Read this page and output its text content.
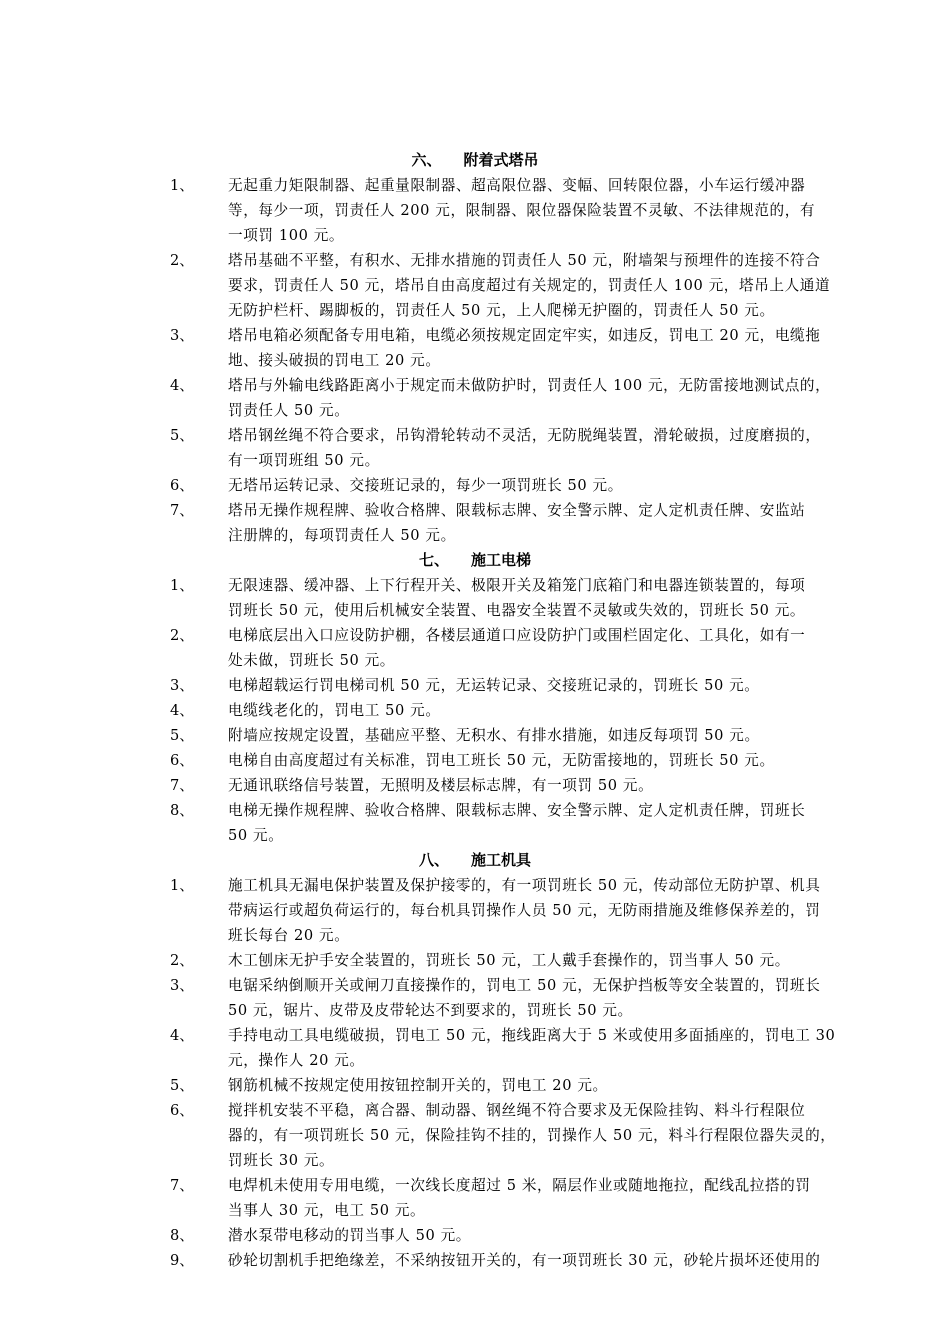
六、 附着式塔吊
1、 无起重力矩限制器、起重量限制器、超高限位器、变幅、回转限位器，小车运行缓冲器
等，每少一项，罚责任人 200 元，限制器、限位器保险装置不灵敏、不法律规范的，有
一项罚 100 元。
2、 塔吊基础不平整，有积水、无排水措施的罚责任人 50 元，附墙架与预埋件的连接不符合
要求，罚责任人 50 元，塔吊自由高度超过有关规定的，罚责任人 100 元，塔吊上人通道
无防护栏杆、踢脚板的，罚责任人 50 元，上人爬梯无护圈的，罚责任人 50 元。
3、 塔吊电箱必须配备专用电箱，电缆必须按规定固定牢实，如违反，罚电工 20 元，电缆拖
地、接头破损的罚电工 20 元。
4、 塔吊与外输电线路距离小于规定而未做防护时，罚责任人 100 元，无防雷接地测试点的，
罚责任人 50 元。
5、 塔吊钢丝绳不符合要求，吊钩滑轮转动不灵活，无防脱绳装置，滑轮破损，过度磨损的，
有一项罚班组 50 元。
6、 无塔吊运转记录、交接班记录的，每少一项罚班长 50 元。
7、 塔吊无操作规程牌、验收合格牌、限载标志牌、安全警示牌、定人定机责任牌、安监站
注册牌的，每项罚责任人 50 元。
七、 施工电梯
1、 无限速器、缓冲器、上下行程开关、极限开关及箱笼门底箱门和电器连锁装置的，每项
罚班长 50 元，使用后机械安全装置、电器安全装置不灵敏或失效的，罚班长 50 元。
2、 电梯底层出入口应设防护棚，各楼层通道口应设防护门或围栏固定化、工具化，如有一
处未做，罚班长 50 元。
3、 电梯超载运行罚电梯司机 50 元，无运转记录、交接班记录的，罚班长 50 元。
4、 电缆线老化的，罚电工 50 元。
5、 附墙应按规定设置，基础应平整、无积水、有排水措施，如违反每项罚 50 元。
6、 电梯自由高度超过有关标准，罚电工班长 50 元，无防雷接地的，罚班长 50 元。
7、 无通讯联络信号装置，无照明及楼层标志牌，有一项罚 50 元。
8、 电梯无操作规程牌、验收合格牌、限载标志牌、安全警示牌、定人定机责任牌，罚班长
50 元。
八、 施工机具
1、 施工机具无漏电保护装置及保护接零的，有一项罚班长 50 元，传动部位无防护罩、机具
带病运行或超负荷运行的，每台机具罚操作人员 50 元，无防雨措施及维修保养差的，罚
班长每台 20 元。
2、 木工刨床无护手安全装置的，罚班长 50 元，工人戴手套操作的，罚当事人 50 元。
3、 电锯采纳倒顺开关或闸刀直接操作的，罚电工 50 元，无保护挡板等安全装置的，罚班长
50 元，锯片、皮带及皮带轮达不到要求的，罚班长 50 元。
4、 手持电动工具电缆破损，罚电工 50 元，拖线距离大于 5 米或使用多面插座的，罚电工 30
元，操作人 20 元。
5、 钢筋机械不按规定使用按钮控制开关的，罚电工 20 元。
6、 搅拌机安装不平稳，离合器、制动器、钢丝绳不符合要求及无保险挂钩、料斗行程限位
器的，有一项罚班长 50 元，保险挂钩不挂的，罚操作人 50 元，料斗行程限位器失灵的，
罚班长 30 元。
7、 电焊机未使用专用电缆，一次线长度超过 5 米，隔层作业或随地拖拉，配线乱拉搭的罚
当事人 30 元，电工 50 元。
8、 潜水泵带电移动的罚当事人 50 元。
9、 砂轮切割机手把绝缘差，不采纳按钮开关的，有一项罚班长 30 元，砂轮片损坏还使用的
